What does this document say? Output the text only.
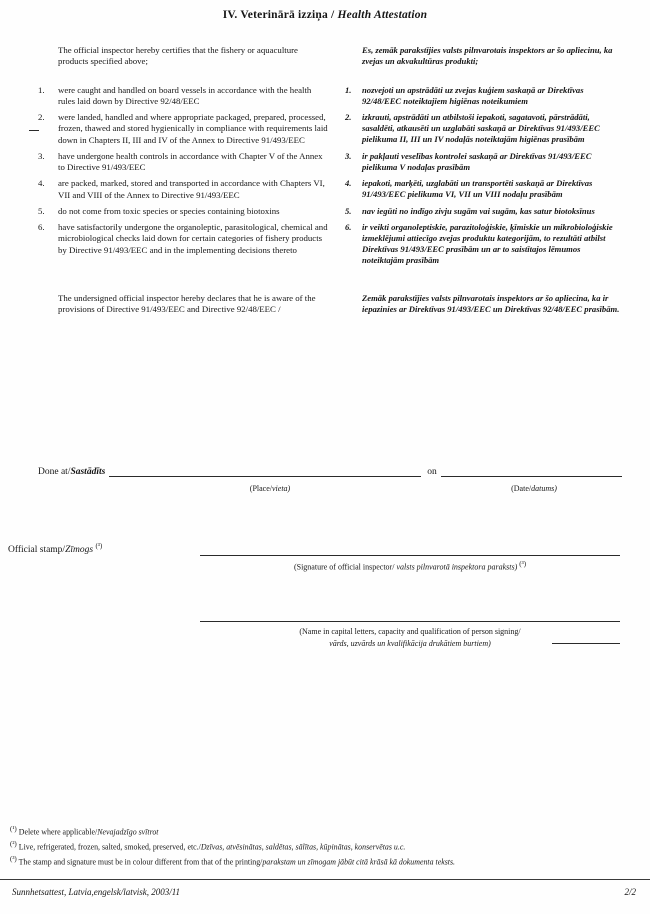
IV. Veterinārā izziņa / Health Attestation
The official inspector hereby certifies that the fishery or aquaculture products specified above;
Es, zemāk parakstījies valsts pilnvarotais inspektors ar šo apliecinu, ka zvejas un akvakultūras produkti;
1.	were caught and handled on board vessels in accordance with the health rules laid down by Directive 92/48/EEC
1.	nozvejoti un apstrādāti uz zvejas kuģiem saskaņā ar Direktīvas 92/48/EEC noteiktajiem higiēnas noteikumiem
2.	were landed, handled and where appropriate packaged, prepared, processed, frozen, thawed and stored hygienically in compliance with requirements laid down in Chapters II, III and IV of the Annex to Directive 91/493/EEC
2.	izkrauti, apstrādāti un atbilstoši iepakoti, sagatavoti, pārstrādāti, sasaldēti, atkausēti un uzglabāti saskaņā ar Direktīvas 91/493/EEC pielikuma II, III un IV nodaļās noteiktajām higiēnas prasībām
3.	have undergone health controls in accordance with Chapter V of the Annex to Directive 91/493/EEC
3.	ir pakļauti veselības kontrolei saskaņā ar Direktīvas 91/493/EEC pielikuma V nodaļas prasībām
4.	are packed, marked, stored and transported in accordance with Chapters VI, VII and VIII of the Annex to Directive 91/493/EEC
4.	iepakoti, marķēti, uzglabāti un transportēti saskaņā ar Direktīvas 91/493/EEC pielikuma VI, VII un VIII nodaļu prasībām
5.	do not come from toxic species or species containing biotoxins	5.	nav iegūti no indīgo zivju sugām vai sugām, kas satur biotoksīnus
6.	have satisfactorily undergone the organoleptic, parasitological, chemical and microbiological checks laid down for certain categories of fishery products by Directive 91/493/EEC and in the implementing decisions thereto
6.	ir veikti organoleptiskie, parazitoloģiskie, ķīmiskie un mikrobioloģiskie izmeklējumi attiecīgo zvejas produktu kategorijām, to rezultāti atbilst Direktīvas 91/493/EEC prasībām un ar to saistītajos lēmumos noteiktajām prasībām
The undersigned official inspector hereby declares that he is aware of the provisions of Directive 91/493/EEC and Directive 92/48/EEC /
Zemāk parakstījies valsts pilnvarotais inspektors ar šo apliecina, ka ir iepazinies ar Direktīvas 91/493/EEC un Direktīvas 92/48/EEC prasībām.
Done at/Sastādīts	on
(Place/vieta)	(Date/datums)
Official stamp/Zīmogs $^{(^3)}$
(Signature of official inspector/ valsts pilnvarotā inspektora paraksts) (³)
(Name in capital letters, capacity and qualification of person signing/
vārds, uzvārds un kvalifikācija drukātiem burtiem)
(¹) Delete where applicable/Nevajadzīgo svītrot
(²) Live, refrigerated, frozen, salted, smoked, preserved, etc./Dzīvas, atvēsinātas, saldētas, sālītas, kūpinātas, konservētas u.c.
(³) The stamp and signature must be in colour different from that of the printing/parakstam un zīmogam jābūt citā krāsā kā dokumenta teksts.
Sunnhetsattest, Latvia,engelsk/latvisk, 2003/11	2/2
